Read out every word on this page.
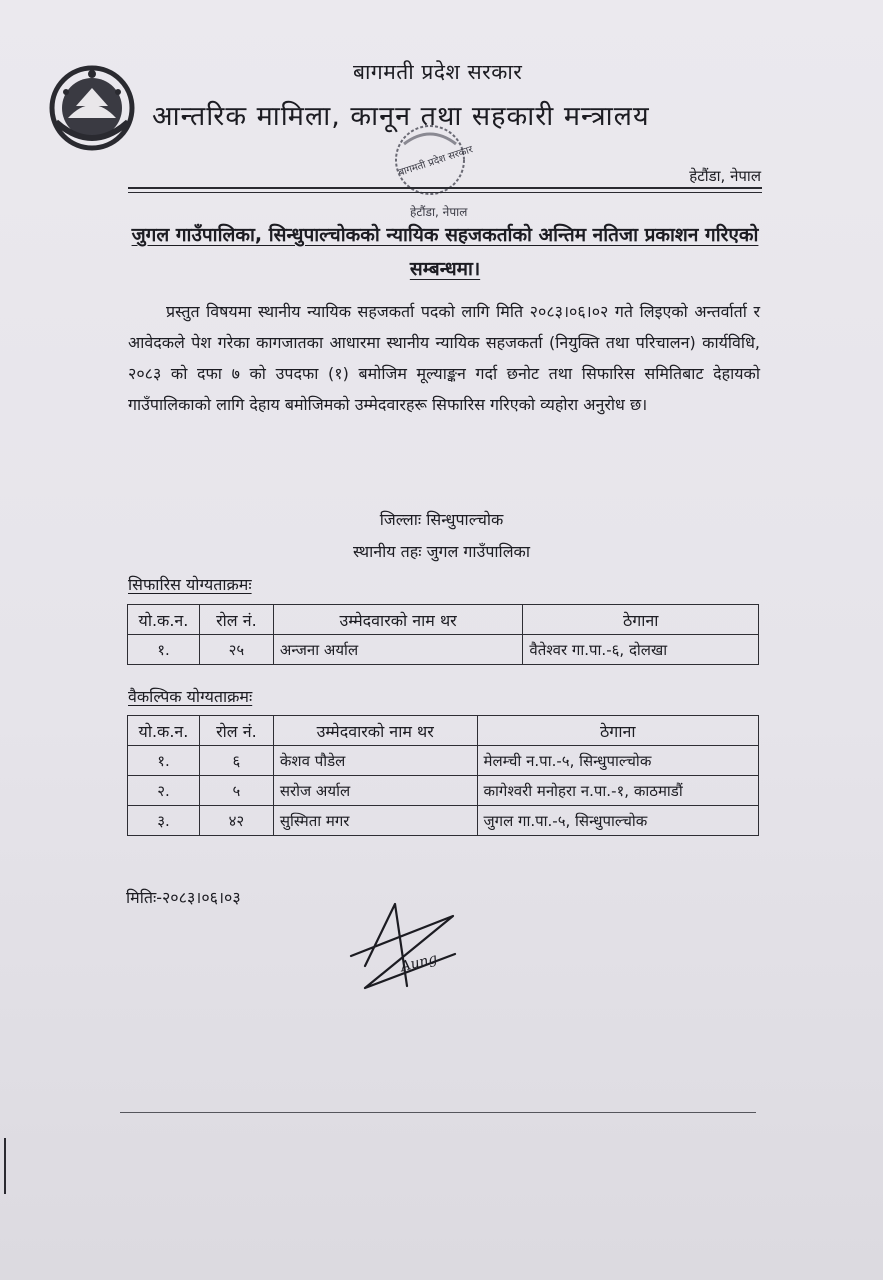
बागमती प्रदेश सरकार
आन्तरिक मामिला, कानून तथा सहकारी मन्त्रालय
बागमती प्रदेश सरकार
हेटौंडा, नेपाल
हेटौंडा, नेपाल
जुगल गाउँपालिका, सिन्धुपाल्चोकको न्यायिक सहजकर्ताको अन्तिम नतिजा प्रकाशन गरिएको सम्बन्धमा।
प्रस्तुत विषयमा स्थानीय न्यायिक सहजकर्ता पदको लागि मिति २०८३।०६।०२ गते लिइएको अन्तर्वार्ता र आवेदकले पेश गरेका कागजातका आधारमा स्थानीय न्यायिक सहजकर्ता (नियुक्ति तथा परिचालन) कार्यविधि, २०८३ को दफा ७ को उपदफा (१) बमोजिम मूल्याङ्कन गर्दा छनोट तथा सिफारिस समितिबाट देहायको गाउँपालिकाको लागि देहाय बमोजिमको उम्मेदवारहरू सिफारिस गरिएको व्यहोरा अनुरोध छ।
जिल्लाः सिन्धुपाल्चोक
स्थानीय तहः जुगल गाउँपालिका
सिफारिस योग्यताक्रमः
यो.क.न.	रोल नं.	उम्मेदवारको नाम थर	ठेगाना
१.	२५	अन्जना अर्याल	वैतेश्वर गा.पा.-६, दोलखा
वैकल्पिक योग्यताक्रमः
यो.क.न.	रोल नं.	उम्मेदवारको नाम थर	ठेगाना
१.	६	केशव पौडेल	मेलम्ची न.पा.-५, सिन्धुपाल्चोक
२.	५	सरोज अर्याल	कागेश्वरी मनोहरा न.पा.-१, काठमाडौं
३.	४२	सुस्मिता मगर	जुगल गा.पा.-५, सिन्धुपाल्चोक
मितिः-२०८३।०६।०३
Aung
